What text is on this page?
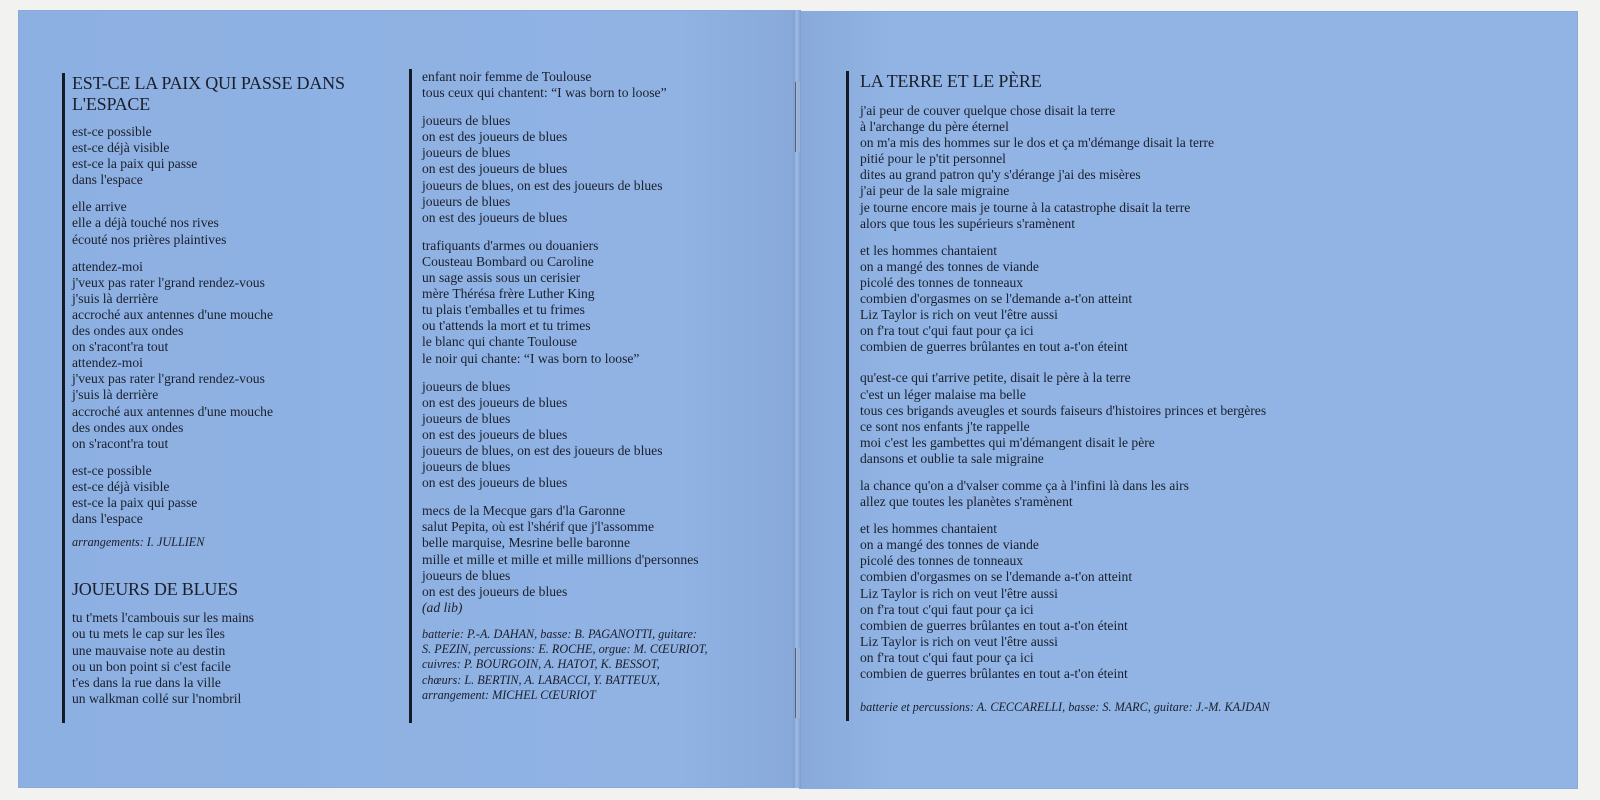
EST-CE LA PAIX QUI PASSE DANS
L'ESPACE
est-ce possible
est-ce déjà visible
est-ce la paix qui passe
dans l'espace
elle arrive
elle a déjà touché nos rives
écouté nos prières plaintives
attendez-moi
j'veux pas rater l'grand rendez-vous
j'suis là derrière
accroché aux antennes d'une mouche
des ondes aux ondes
on s'racont'ra tout
attendez-moi
j'veux pas rater l'grand rendez-vous
j'suis là derrière
accroché aux antennes d'une mouche
des ondes aux ondes
on s'racont'ra tout
est-ce possible
est-ce déjà visible
est-ce la paix qui passe
dans l'espace
arrangements: I. JULLIEN
JOUEURS DE BLUES
tu t'mets l'cambouis sur les mains
ou tu mets le cap sur les îles
une mauvaise note au destin
ou un bon point si c'est facile
t'es dans la rue dans la ville
un walkman collé sur l'nombril
enfant noir femme de Toulouse
tous ceux qui chantent: “I was born to loose”
joueurs de blues
on est des joueurs de blues
joueurs de blues
on est des joueurs de blues
joueurs de blues, on est des joueurs de blues
joueurs de blues
on est des joueurs de blues
trafiquants d'armes ou douaniers
Cousteau Bombard ou Caroline
un sage assis sous un cerisier
mère Thérésa frère Luther King
tu plais t'emballes et tu frimes
ou t'attends la mort et tu trimes
le blanc qui chante Toulouse
le noir qui chante: “I was born to loose”
joueurs de blues
on est des joueurs de blues
joueurs de blues
on est des joueurs de blues
joueurs de blues, on est des joueurs de blues
joueurs de blues
on est des joueurs de blues
mecs de la Mecque gars d'la Garonne
salut Pepita, où est l'shérif que j'l'assomme
belle marquise, Mesrine belle baronne
mille et mille et mille et mille millions d'personnes
joueurs de blues
on est des joueurs de blues
(ad lib)
batterie: P.-A. DAHAN, basse: B. PAGANOTTI, guitare:
S. PEZIN, percussions: E. ROCHE, orgue: M. CŒURIOT,
cuivres: P. BOURGOIN, A. HATOT, K. BESSOT,
chœurs: L. BERTIN, A. LABACCI, Y. BATTEUX,
arrangement: MICHEL CŒURIOT
LA TERRE ET LE PÈRE
j'ai peur de couver quelque chose disait la terre
à l'archange du père éternel
on m'a mis des hommes sur le dos et ça m'démange disait la terre
pitié pour le p'tit personnel
dites au grand patron qu'y s'dérange j'ai des misères
j'ai peur de la sale migraine
je tourne encore mais je tourne à la catastrophe disait la terre
alors que tous les supérieurs s'ramènent
et les hommes chantaient
on a mangé des tonnes de viande
picolé des tonnes de tonneaux
combien d'orgasmes on se l'demande a-t'on atteint
Liz Taylor is rich on veut l'être aussi
on f'ra tout c'qui faut pour ça ici
combien de guerres brûlantes en tout a-t'on éteint
qu'est-ce qui t'arrive petite, disait le père à la terre
c'est un léger malaise ma belle
tous ces brigands aveugles et sourds faiseurs d'histoires princes et bergères
ce sont nos enfants j'te rappelle
moi c'est les gambettes qui m'démangent disait le père
dansons et oublie ta sale migraine
la chance qu'on a d'valser comme ça à l'infini là dans les airs
allez que toutes les planètes s'ramènent
et les hommes chantaient
on a mangé des tonnes de viande
picolé des tonnes de tonneaux
combien d'orgasmes on se l'demande a-t'on atteint
Liz Taylor is rich on veut l'être aussi
on f'ra tout c'qui faut pour ça ici
combien de guerres brûlantes en tout a-t'on éteint
Liz Taylor is rich on veut l'être aussi
on f'ra tout c'qui faut pour ça ici
combien de guerres brûlantes en tout a-t'on éteint
batterie et percussions: A. CECCARELLI, basse: S. MARC, guitare: J.-M. KAJDAN
